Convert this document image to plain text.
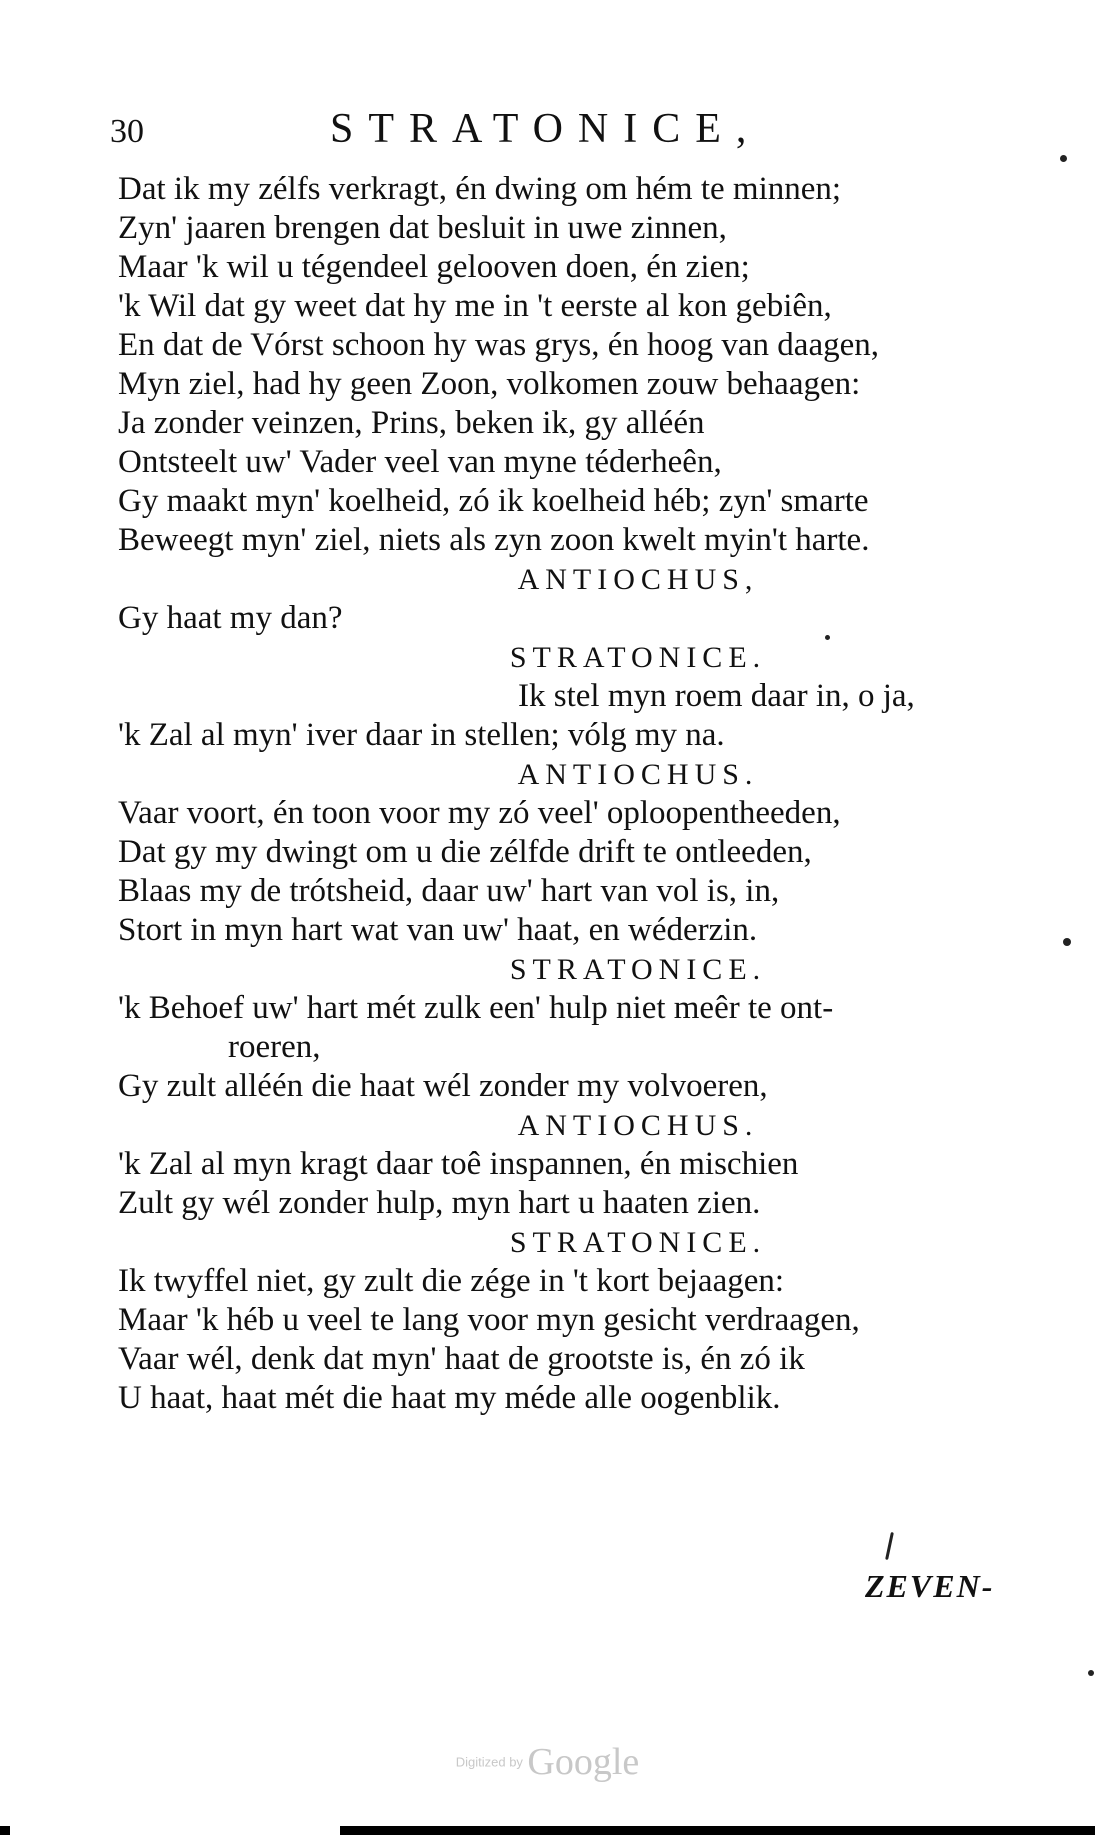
30	STRATONICE,
Dat ik my zélfs verkragt, én dwing om hém te minnen;
Zyn' jaaren brengen dat besluit in uwe zinnen,
Maar 'k wil u tégendeel gelooven doen, én zien;
'k Wil dat gy weet dat hy me in 't eerste al kon gebiên,
En dat de Vórst schoon hy was grys, én hoog van daagen,
Myn ziel, had hy geen Zoon, volkomen zouw behaagen:
Ja zonder veinzen, Prins, beken ik, gy alléén
Ontsteelt uw' Vader veel van myne téderheên,
Gy maakt myn' koelheid, zó ik koelheid héb; zyn' smarte
Beweegt myn' ziel, niets als zyn zoon kwelt myin't harte.
ANTIOCHUS,
Gy haat my dan?
STRATONICE.
Ik stel myn roem daar in, o ja,
'k Zal al myn' iver daar in stellen; vólg my na.
ANTIOCHUS.
Vaar voort, én toon voor my zó veel' oploopentheeden,
Dat gy my dwingt om u die zélfde drift te ontleeden,
Blaas my de trótsheid, daar uw' hart van vol is, in,
Stort in myn hart wat van uw' haat, en wéderzin.
STRATONICE.
'k Behoef uw' hart mét zulk een' hulp niet meêr te ont-
roeren,
Gy zult alléén die haat wél zonder my volvoeren,
ANTIOCHUS.
'k Zal al myn kragt daar toê inspannen, én mischien
Zult gy wél zonder hulp, myn hart u haaten zien.
STRATONICE.
Ik twyffel niet, gy zult die zége in 't kort bejaagen:
Maar 'k héb u veel te lang voor myn gesicht verdraagen,
Vaar wél, denk dat myn' haat de grootste is, én zó ik
U haat, haat mét die haat my méde alle oogenblik.
ZEVEN-
Digitized by Google
